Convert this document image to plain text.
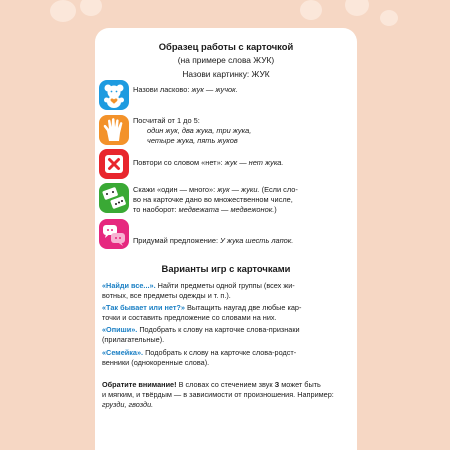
Образец работы с карточкой
(на примере слова ЖУК)
Назови картинку: ЖУК
Назови ласково: жук — жучок.
Посчитай от 1 до 5:
один жук, два жука, три жука,
четыре жука, пять жуков
Повтори со словом «нет»: жук — нет жука.
Скажи «один — много»: жук — жуки. (Если сло-
во на карточке дано во множественном числе,
то наоборот: медвежата — медвежонок.)
Придумай предложение: У жука шесть лапок.
Варианты игр с карточками
«Найди все...». Найти предметы одной группы (всех жи-
вотных, все предметы одежды и т. п.).
«Так бывает или нет?» Вытащить наугад две любые кар-
точки и составить предложение со словами на них.
«Опиши». Подобрать к слову на карточке слова-признаки
(прилагательные).
«Семейка». Подобрать к слову на карточке слова-родст-
венники (однокоренные слова).
Обратите внимание! В словах со стечением звук З может быть
и мягким, и твёрдым — в зависимости от произношения. Например:
грузди, гвозди.
